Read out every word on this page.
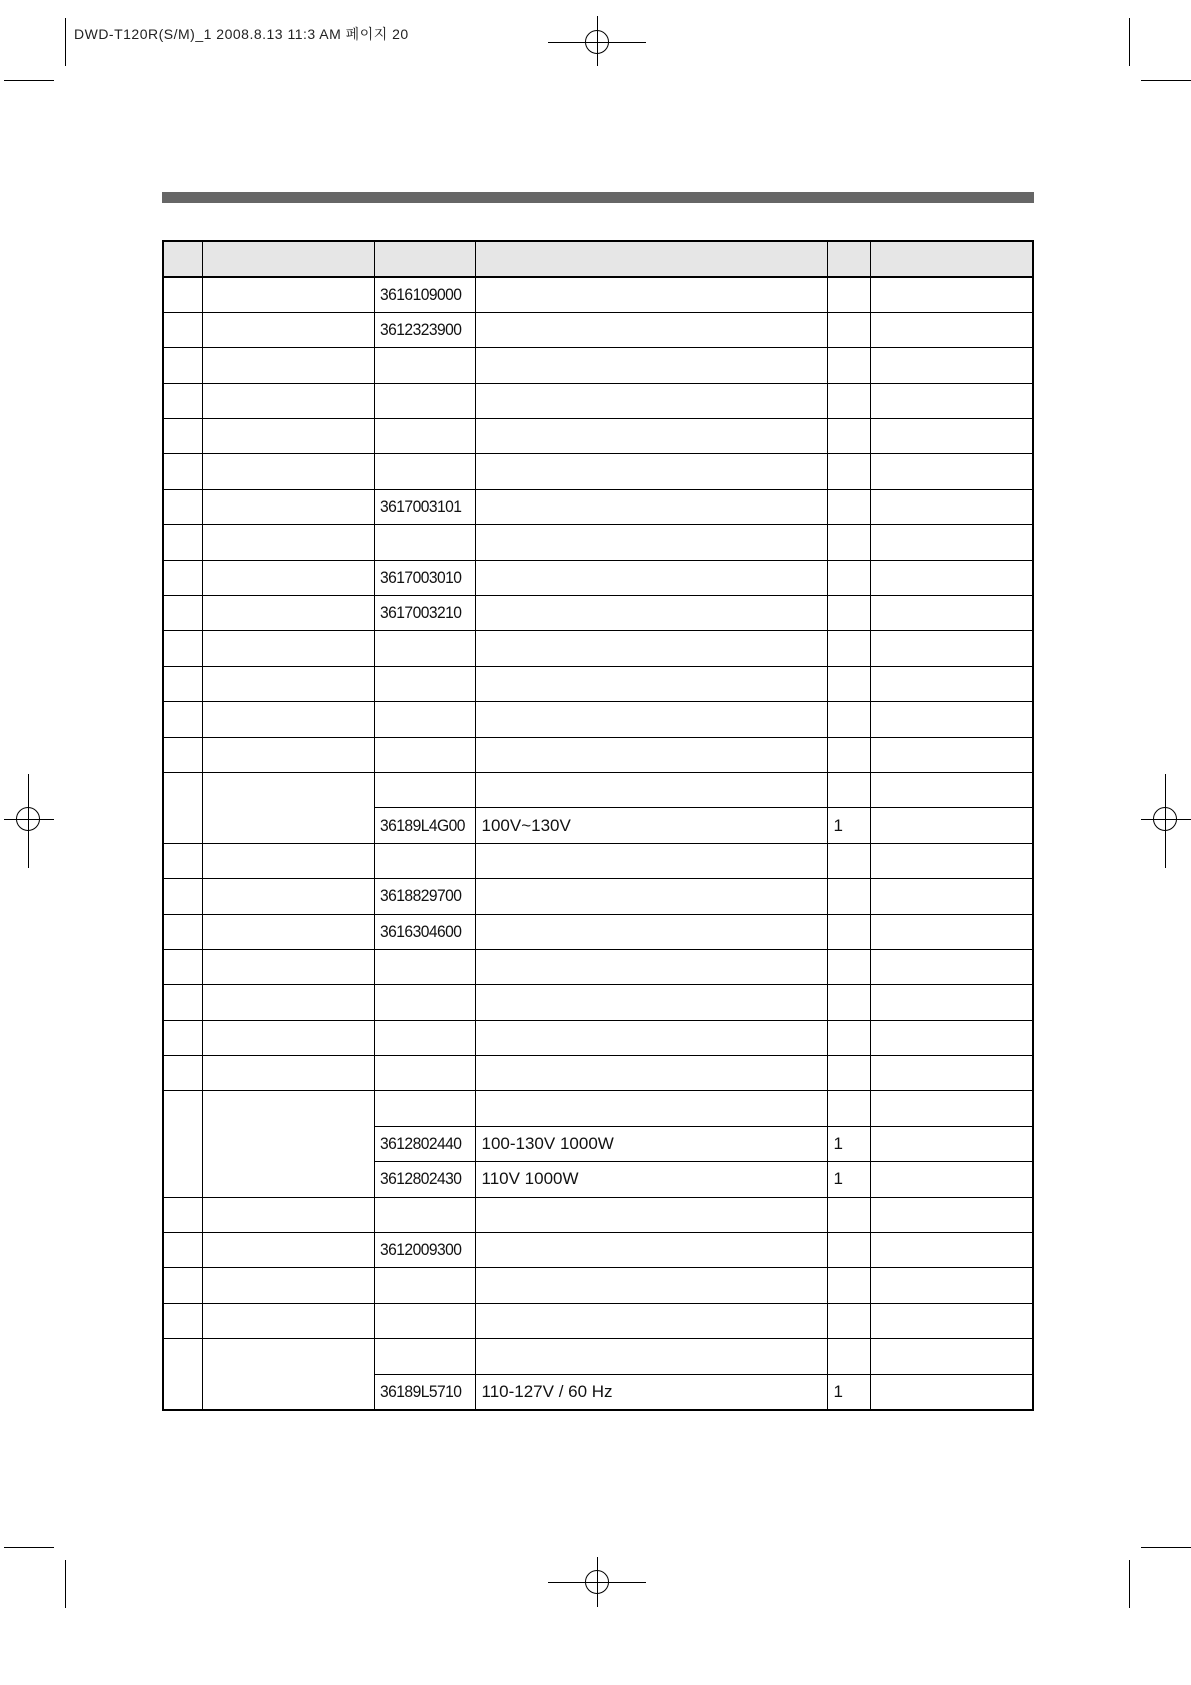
DWD-T120R(S/M)_1 2008.8.13 11:3 AM 페이지 20

		3616109000			
		3612323900			

		3617003101			

		3617003010			
		3617003210			

		36189L4G00	100V~130V	1	

		3618829700			
		3616304600			

		3612802440	100-130V 1000W	1	
		3612802430	110V 1000W	1	

		3612009300			

		36189L5710	110-127V / 60 Hz	1	
